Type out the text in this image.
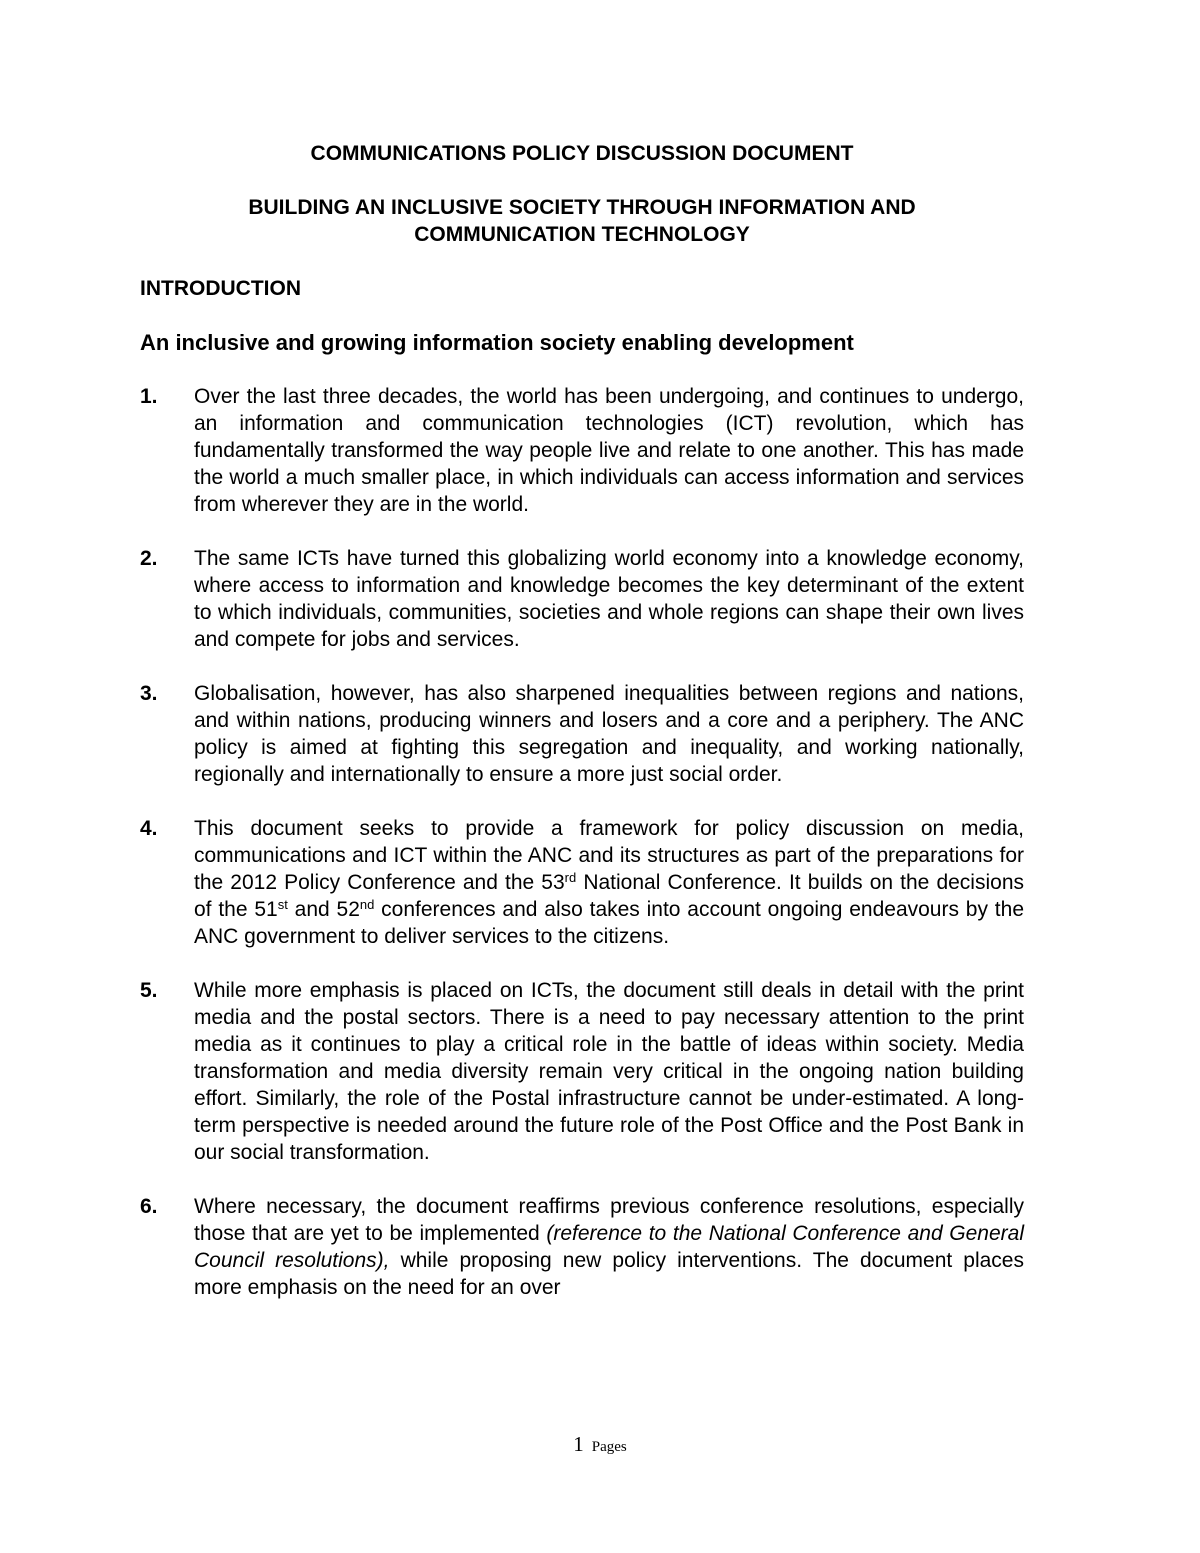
COMMUNICATIONS POLICY DISCUSSION DOCUMENT
BUILDING AN INCLUSIVE SOCIETY THROUGH INFORMATION AND
COMMUNICATION TECHNOLOGY
INTRODUCTION
An inclusive and growing information society enabling development
1. Over the last three decades, the world has been undergoing, and continues to undergo, an information and communication technologies (ICT) revolution, which has fundamentally transformed the way people live and relate to one another. This has made the world a much smaller place, in which individuals can access information and services from wherever they are in the world.
2. The same ICTs have turned this globalizing world economy into a knowledge economy, where access to information and knowledge becomes the key determinant of the extent to which individuals, communities, societies and whole regions can shape their own lives and compete for jobs and services.
3. Globalisation, however, has also sharpened inequalities between regions and nations, and within nations, producing winners and losers and a core and a periphery. The ANC policy is aimed at fighting this segregation and inequality, and working nationally, regionally and internationally to ensure a more just social order.
4. This document seeks to provide a framework for policy discussion on media, communications and ICT within the ANC and its structures as part of the preparations for the 2012 Policy Conference and the 53rd National Conference. It builds on the decisions of the 51st and 52nd conferences and also takes into account ongoing endeavours by the ANC government to deliver services to the citizens.
5. While more emphasis is placed on ICTs, the document still deals in detail with the print media and the postal sectors. There is a need to pay necessary attention to the print media as it continues to play a critical role in the battle of ideas within society. Media transformation and media diversity remain very critical in the ongoing nation building effort. Similarly, the role of the Postal infrastructure cannot be under-estimated. A long-term perspective is needed around the future role of the Post Office and the Post Bank in our social transformation.
6. Where necessary, the document reaffirms previous conference resolutions, especially those that are yet to be implemented (reference to the National Conference and General Council resolutions), while proposing new policy interventions. The document places more emphasis on the need for an over
1 Pages
